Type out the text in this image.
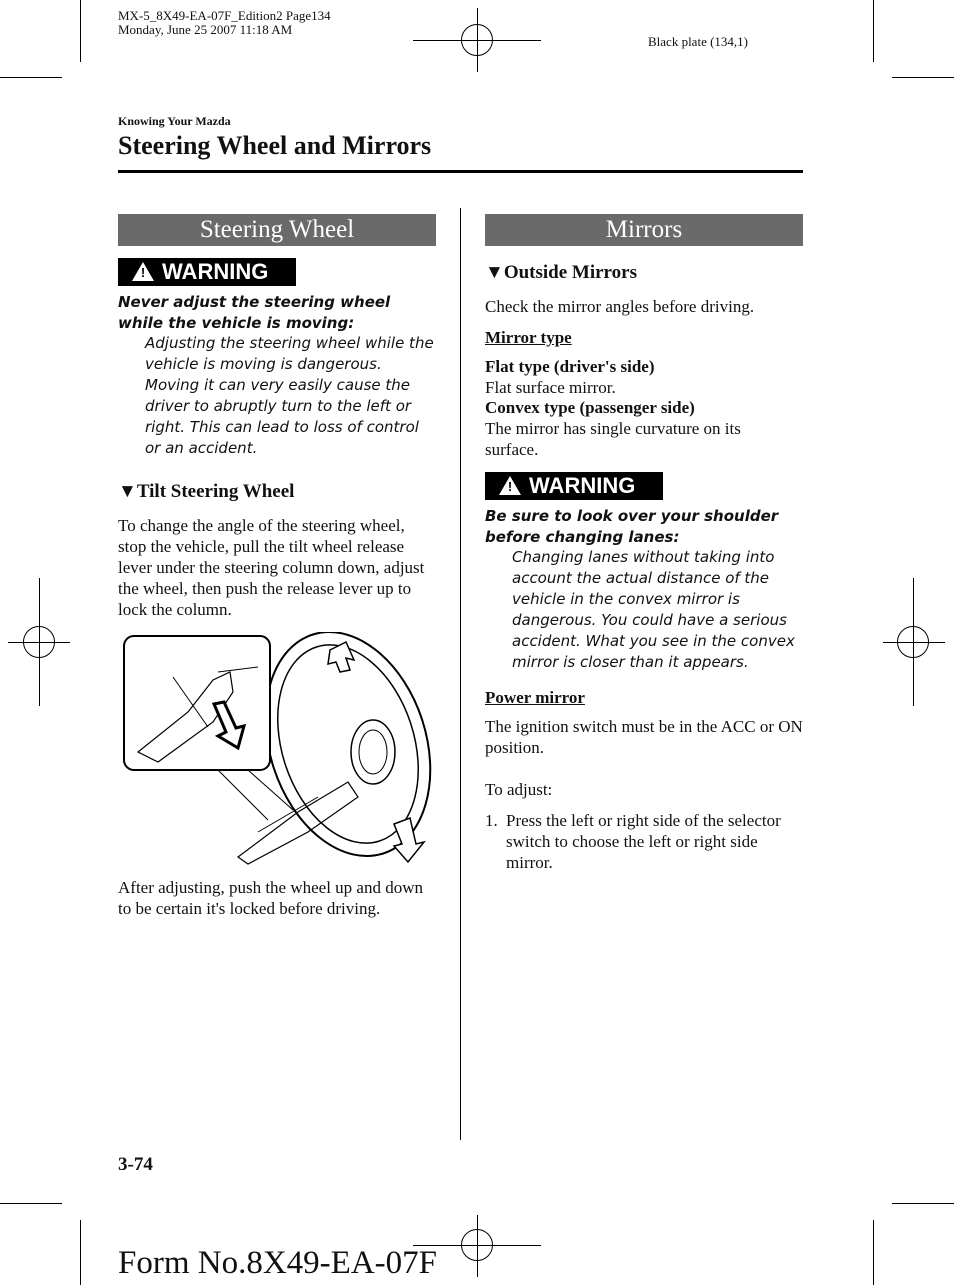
MX-5_8X49-EA-07F_Edition2 Page134
Monday, June 25 2007 11:18 AM
Black plate (134,1)
Knowing Your Mazda
Steering Wheel and Mirrors
Steering Wheel
! WARNING
Never adjust the steering wheel while the vehicle is moving:
Adjusting the steering wheel while the vehicle is moving is dangerous. Moving it can very easily cause the driver to abruptly turn to the left or right. This can lead to loss of control or an accident.
▼Tilt Steering Wheel
To change the angle of the steering wheel, stop the vehicle, pull the tilt wheel release lever under the steering column down, adjust the wheel, then push the release lever up to lock the column.
After adjusting, push the wheel up and down to be certain it's locked before driving.
Mirrors
▼Outside Mirrors
Check the mirror angles before driving.
Mirror type
Flat type (driver's side)
Flat surface mirror.
Convex type (passenger side)
The mirror has single curvature on its surface.
! WARNING
Be sure to look over your shoulder before changing lanes:
Changing lanes without taking into account the actual distance of the vehicle in the convex mirror is dangerous. You could have a serious accident. What you see in the convex mirror is closer than it appears.
Power mirror
The ignition switch must be in the ACC or ON position.
To adjust:
1. Press the left or right side of the selector switch to choose the left or right side mirror.
3-74
Form No.8X49-EA-07F
